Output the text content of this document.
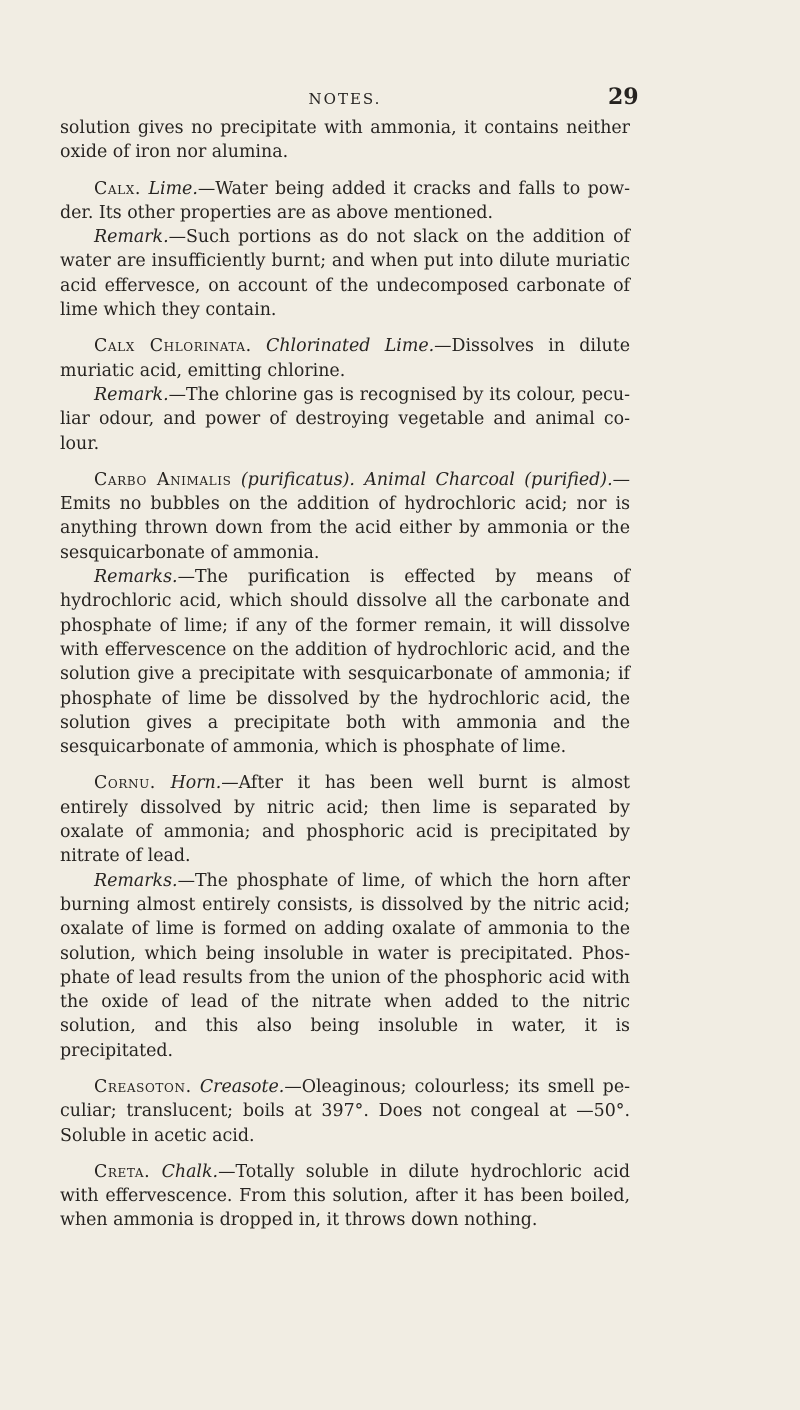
NOTES.	29

solution gives no precipitate with ammonia, it contains neither oxide of iron nor alumina.

Calx. Lime.—Water being added it cracks and falls to powder. Its other properties are as above mentioned.

Remark.—Such portions as do not slack on the addition of water are insufficiently burnt; and when put into dilute muriatic acid effervesce, on account of the undecomposed carbonate of lime which they contain.

Calx Chlorinata. Chlorinated Lime.—Dissolves in dilute muriatic acid, emitting chlorine.

Remark.—The chlorine gas is recognised by its colour, peculiar odour, and power of destroying vegetable and animal colour.

Carbo Animalis (purificatus). Animal Charcoal (purified).— Emits no bubbles on the addition of hydrochloric acid; nor is anything thrown down from the acid either by ammonia or the sesquicarbonate of ammonia.

Remarks.—The purification is effected by means of hydrochloric acid, which should dissolve all the carbonate and phosphate of lime; if any of the former remain, it will dissolve with effervescence on the addition of hydrochloric acid, and the solution give a precipitate with sesquicarbonate of ammonia; if phosphate of lime be dissolved by the hydrochloric acid, the solution gives a precipitate both with ammonia and the sesquicarbonate of ammonia, which is phosphate of lime.

Cornu. Horn.—After it has been well burnt is almost entirely dissolved by nitric acid; then lime is separated by oxalate of ammonia; and phosphoric acid is precipitated by nitrate of lead.

Remarks.—The phosphate of lime, of which the horn after burning almost entirely consists, is dissolved by the nitric acid; oxalate of lime is formed on adding oxalate of ammonia to the solution, which being insoluble in water is precipitated. Phosphate of lead results from the union of the phosphoric acid with the oxide of lead of the nitrate when added to the nitric solution, and this also being insoluble in water, it is precipitated.

Creasoton. Creasote.—Oleaginous; colourless; its smell peculiar; translucent; boils at 397°. Does not congeal at —50°. Soluble in acetic acid.

Creta. Chalk.—Totally soluble in dilute hydrochloric acid with effervescence. From this solution, after it has been boiled, when ammonia is dropped in, it throws down nothing.
